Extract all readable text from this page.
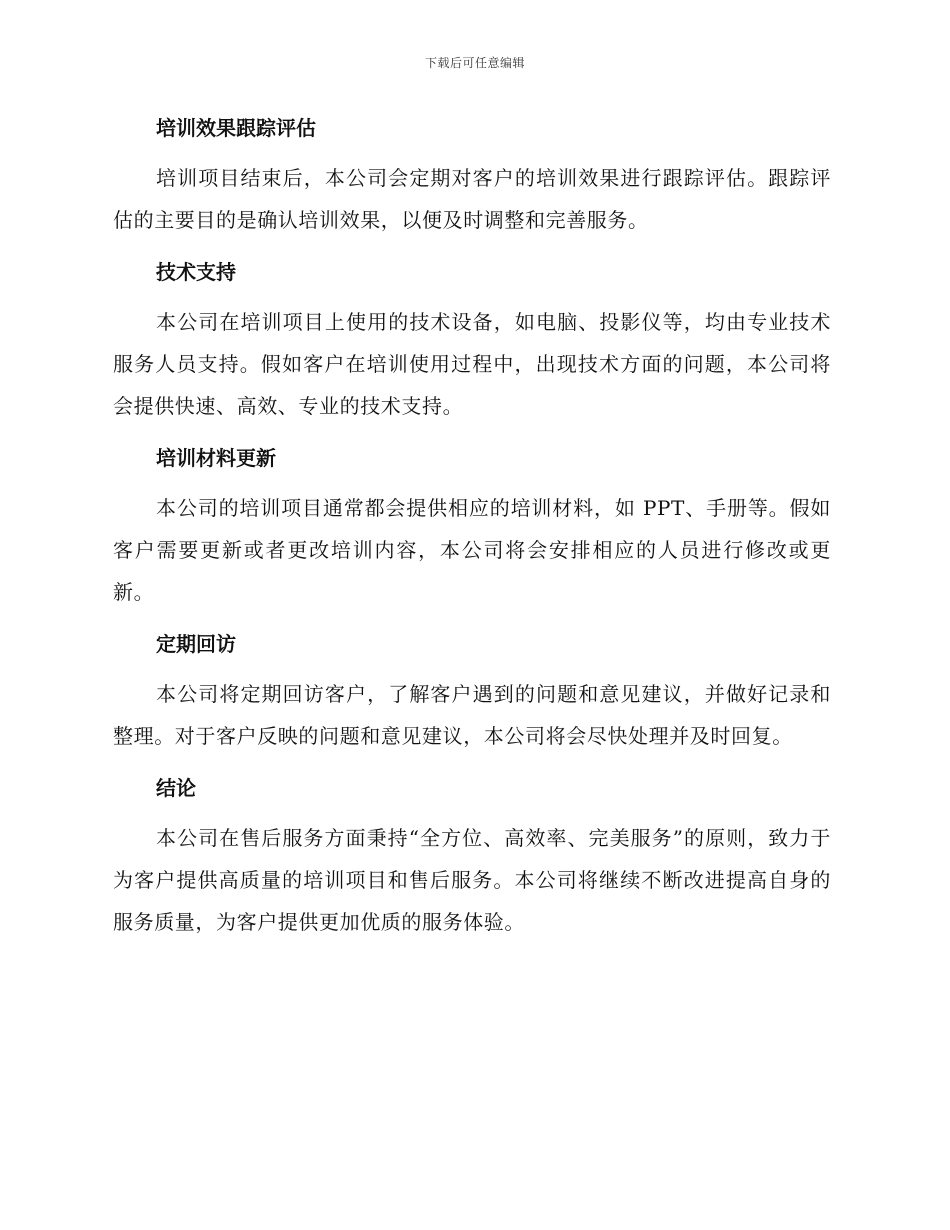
下载后可任意编辑
培训效果跟踪评估

培训项目结束后，本公司会定期对客户的培训效果进行跟踪评估。跟踪评估的主要目的是确认培训效果，以便及时调整和完善服务。

技术支持

本公司在培训项目上使用的技术设备，如电脑、投影仪等，均由专业技术服务人员支持。假如客户在培训使用过程中，出现技术方面的问题，本公司将会提供快速、高效、专业的技术支持。

培训材料更新

本公司的培训项目通常都会提供相应的培训材料，如 PPT、手册等。假如客户需要更新或者更改培训内容，本公司将会安排相应的人员进行修改或更新。

定期回访

本公司将定期回访客户，了解客户遇到的问题和意见建议，并做好记录和整理。对于客户反映的问题和意见建议，本公司将会尽快处理并及时回复。

结论

本公司在售后服务方面秉持“全方位、高效率、完美服务”的原则，致力于为客户提供高质量的培训项目和售后服务。本公司将继续不断改进提高自身的服务质量，为客户提供更加优质的服务体验。
